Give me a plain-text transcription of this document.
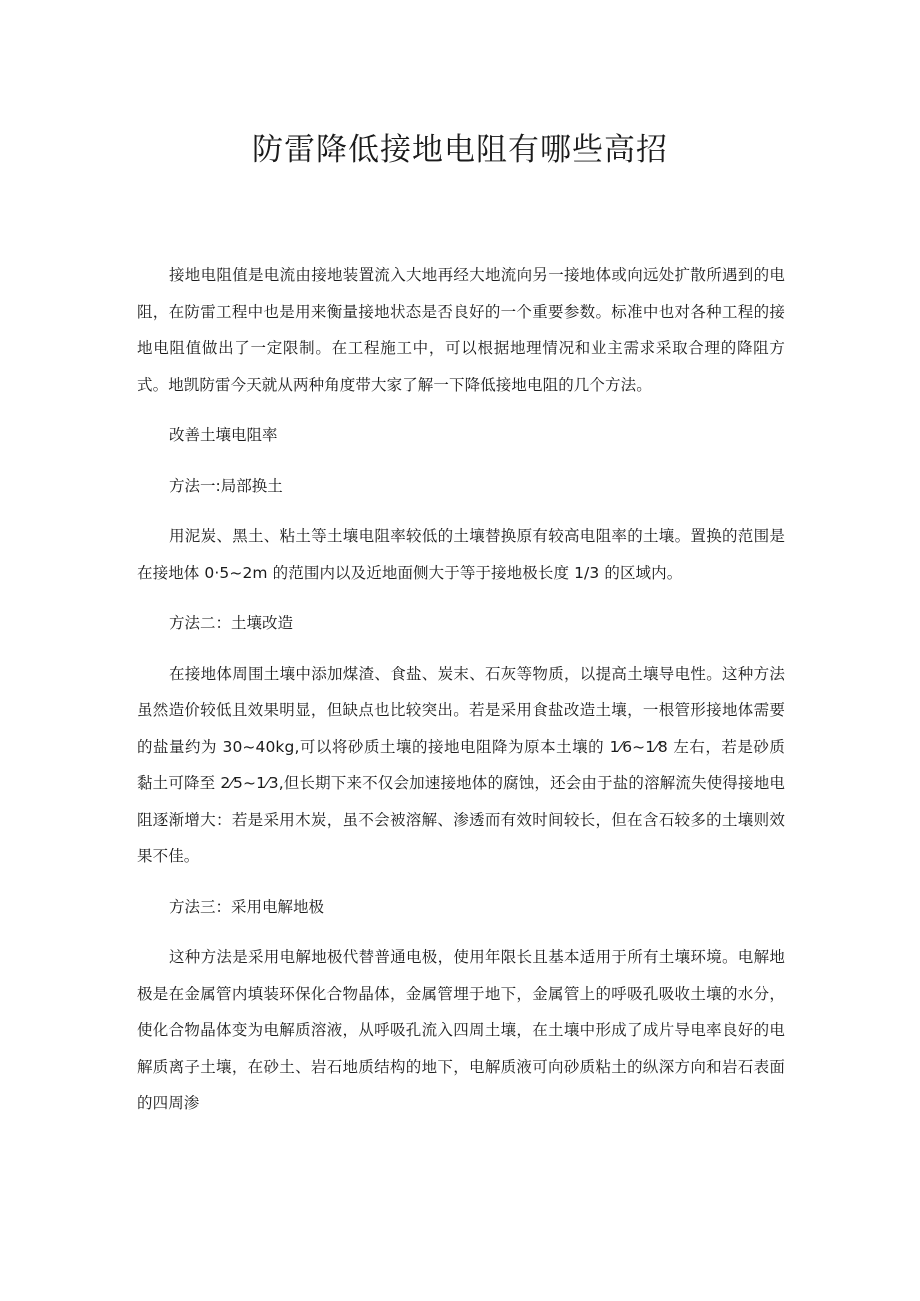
防雷降低接地电阻有哪些高招

接地电阻值是电流由接地装置流入大地再经大地流向另一接地体或向远处扩散所遇到的电阻，在防雷工程中也是用来衡量接地状态是否良好的一个重要参数。标准中也对各种工程的接地电阻值做出了一定限制。在工程施工中，可以根据地理情况和业主需求采取合理的降阻方式。地凯防雷今天就从两种角度带大家了解一下降低接地电阻的几个方法。

改善土壤电阻率

方法一:局部换土

用泥炭、黑土、粘土等土壤电阻率较低的土壤替换原有较高电阻率的土壤。置换的范围是在接地体 0·5~2m 的范围内以及近地面侧大于等于接地极长度 1/3 的区域内。

方法二：土壤改造

在接地体周围土壤中添加煤渣、食盐、炭末、石灰等物质，以提高土壤导电性。这种方法虽然造价较低且效果明显，但缺点也比较突出。若是采用食盐改造土壤，一根管形接地体需要的盐量约为 30~40kg,可以将砂质土壤的接地电阻降为原本土壤的 1⁄6~1⁄8 左右，若是砂质黏土可降至 2⁄5~1⁄3,但长期下来不仅会加速接地体的腐蚀，还会由于盐的溶解流失使得接地电阻逐渐增大：若是采用木炭，虽不会被溶解、渗透而有效时间较长，但在含石较多的土壤则效果不佳。

方法三：采用电解地极

这种方法是采用电解地极代替普通电极，使用年限长且基本适用于所有土壤环境。电解地极是在金属管内填装环保化合物晶体，金属管埋于地下，金属管上的呼吸孔吸收土壤的水分，使化合物晶体变为电解质溶液，从呼吸孔流入四周土壤，在土壤中形成了成片导电率良好的电解质离子土壤，在砂土、岩石地质结构的地下，电解质液可向砂质粘土的纵深方向和岩石表面的四周渗
